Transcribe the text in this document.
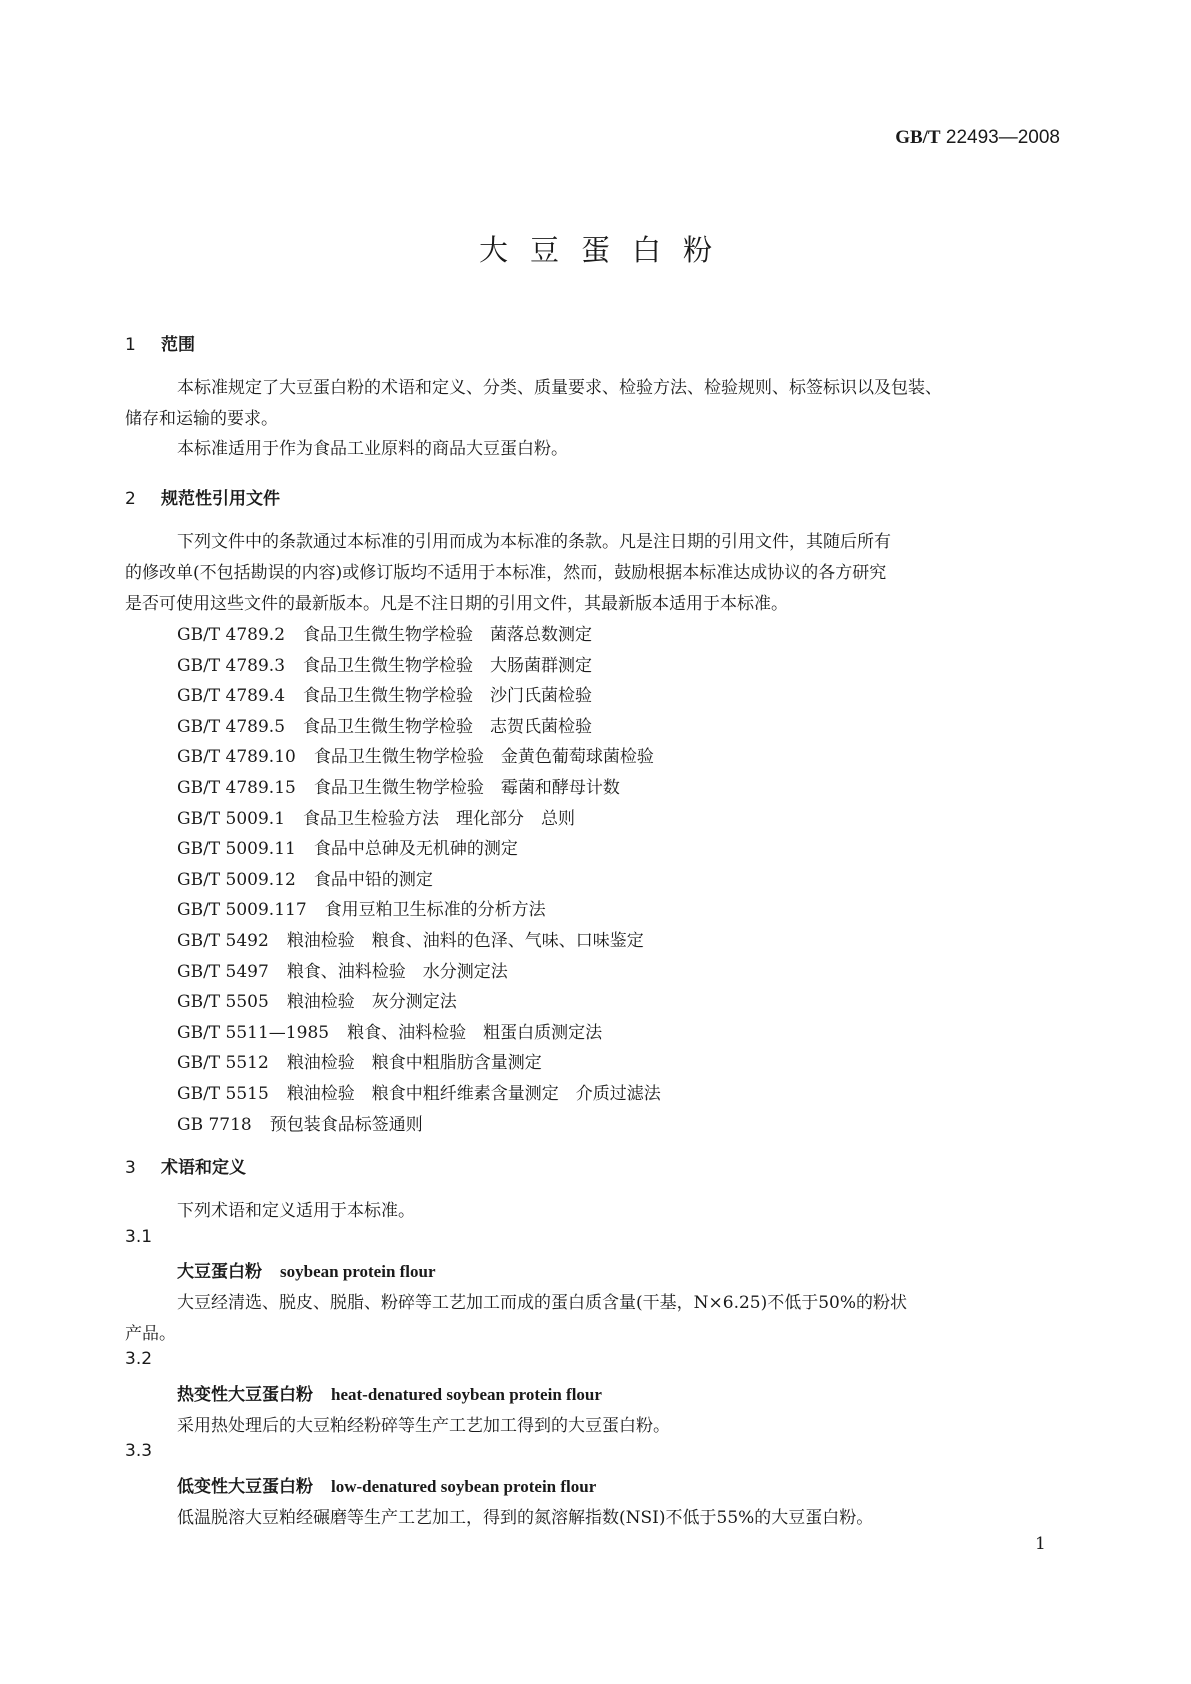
GB/T 22493—2008
大豆蛋白粉
1 范围
本标准规定了大豆蛋白粉的术语和定义、分类、质量要求、检验方法、检验规则、标签标识以及包装、
储存和运输的要求。
本标准适用于作为食品工业原料的商品大豆蛋白粉。
2 规范性引用文件
下列文件中的条款通过本标准的引用而成为本标准的条款。凡是注日期的引用文件，其随后所有
的修改单(不包括勘误的内容)或修订版均不适用于本标准，然而，鼓励根据本标准达成协议的各方研究
是否可使用这些文件的最新版本。凡是不注日期的引用文件，其最新版本适用于本标准。
GB/T 4789.2 食品卫生微生物学检验　菌落总数测定
GB/T 4789.3 食品卫生微生物学检验　大肠菌群测定
GB/T 4789.4 食品卫生微生物学检验　沙门氏菌检验
GB/T 4789.5 食品卫生微生物学检验　志贺氏菌检验
GB/T 4789.10 食品卫生微生物学检验　金黄色葡萄球菌检验
GB/T 4789.15 食品卫生微生物学检验　霉菌和酵母计数
GB/T 5009.1 食品卫生检验方法　理化部分　总则
GB/T 5009.11 食品中总砷及无机砷的测定
GB/T 5009.12 食品中铅的测定
GB/T 5009.117 食用豆粕卫生标准的分析方法
GB/T 5492 粮油检验　粮食、油料的色泽、气味、口味鉴定
GB/T 5497 粮食、油料检验　水分测定法
GB/T 5505 粮油检验　灰分测定法
GB/T 5511—1985 粮食、油料检验　粗蛋白质测定法
GB/T 5512 粮油检验　粮食中粗脂肪含量测定
GB/T 5515 粮油检验　粮食中粗纤维素含量测定　介质过滤法
GB 7718 预包装食品标签通则
3 术语和定义
下列术语和定义适用于本标准。
3.1
大豆蛋白粉 soybean protein flour
大豆经清选、脱皮、脱脂、粉碎等工艺加工而成的蛋白质含量(干基，N×6.25)不低于50%的粉状
产品。
3.2
热变性大豆蛋白粉 heat-denatured soybean protein flour
采用热处理后的大豆粕经粉碎等生产工艺加工得到的大豆蛋白粉。
3.3
低变性大豆蛋白粉 low-denatured soybean protein flour
低温脱溶大豆粕经碾磨等生产工艺加工，得到的氮溶解指数(NSI)不低于55%的大豆蛋白粉。
1
